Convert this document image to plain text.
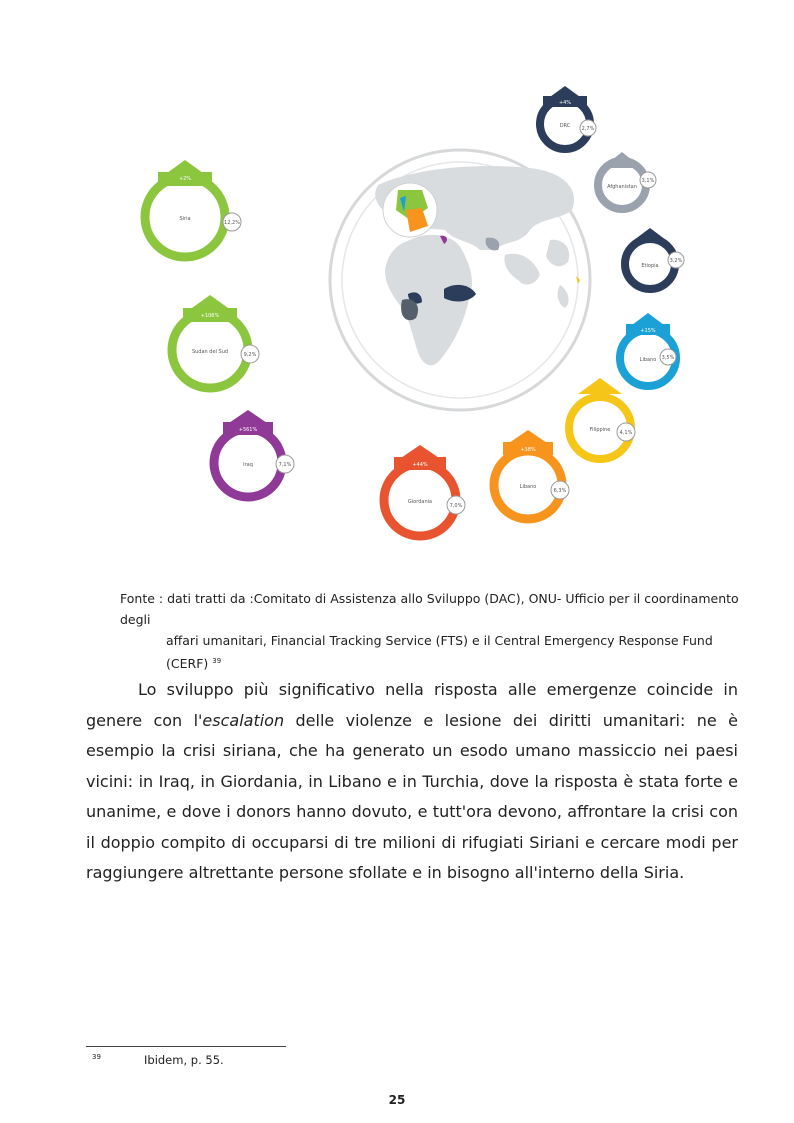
+2%
Siria
12,2%
+106%
Sudan del Sud	9,2%
+561%
Iraq	7,1%	+44%
Giordania
7,0%
+38%
Libano
6,3%
Filippine 4,1%
+15%
Libano 3,5%
Etiopia
3,2%
Afghanistan
3,1%
+4%
DRC 2,7%
Fonte : dati tratti da :Comitato di Assistenza allo Sviluppo (DAC), ONU- Ufficio per il coordinamento degli
affari umanitari, Financial Tracking Service (FTS) e il Central Emergency Response Fund (CERF) $^{39}$
Lo sviluppo più significativo nella risposta alle emergenze coincide in genere con l'escalation delle violenze e lesione dei diritti umanitari: ne è esempio la crisi siriana, che ha generato un esodo umano massiccio nei paesi vicini: in Iraq, in Giordania, in Libano e in Turchia, dove la risposta è stata forte e unanime, e dove i donors hanno dovuto, e tutt'ora devono, affrontare la crisi con il doppio compito di occuparsi di tre milioni di rifugiati Siriani e cercare modi per raggiungere altrettante persone sfollate e in bisogno all'interno della Siria.
39	Ibidem, p. 55.
25
